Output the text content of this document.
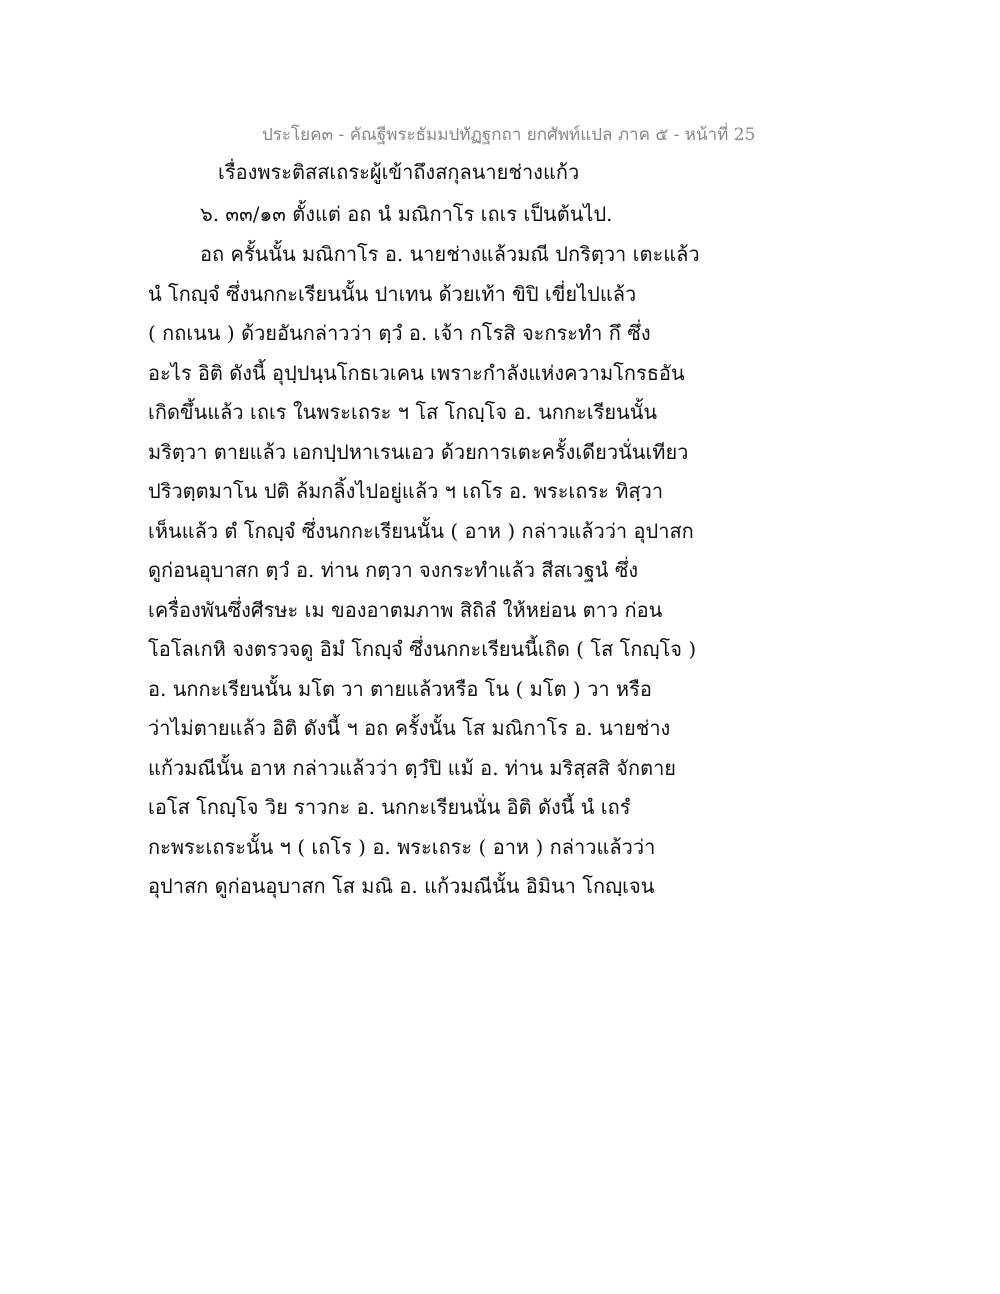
ประโยค๓ - คัณฐีพระธัมมปทัฏฐกถา ยกศัพท์แปล ภาค ๕ - หน้าที่ 25
เรื่องพระติสสเถระผู้เข้าถึงสกุลนายช่างแก้ว
๖. ๓๓/๑๓ ตั้งแต่ อถ นํ มณิกาโร เถเร เป็นต้นไป.
อถ ครั้นนั้น มณิกาโร อ. นายช่างแล้วมณี ปกริตฺวา เตะแล้ว
นํ โกญฺจํ ซึ่งนกกะเรียนนั้น ปาเทน ด้วยเท้า ขิปิ เขี่ยไปแล้ว
( กถเนน ) ด้วยอันกล่าวว่า ตฺวํ อ. เจ้า กโรสิ จะกระทำ กึ ซึ่ง
อะไร อิติ ดังนี้ อุปฺปนฺนโกธเวเคน เพราะกำลังแห่งความโกรธอัน
เกิดขึ้นแล้ว เถเร ในพระเถระ ฯ โส โกญฺโจ อ. นกกะเรียนนั้น
มริตฺวา ตายแล้ว เอกปฺปหาเรนเอว ด้วยการเตะครั้งเดียวนั่นเทียว
ปริวตฺตมาโน ปติ ล้มกลิ้งไปอยู่แล้ว ฯ เถโร อ. พระเถระ ทิสฺวา
เห็นแล้ว ตํ โกญฺจํ ซึ่งนกกะเรียนนั้น ( อาห ) กล่าวแล้วว่า อุปาสก
ดูก่อนอุบาสก ตฺวํ อ. ท่าน กตฺวา จงกระทำแล้ว สีสเวฐนํ ซึ่ง
เครื่องพันซึ่งศีรษะ เม ของอาตมภาพ สิถิลํ ให้หย่อน ตาว ก่อน
โอโลเกหิ จงตรวจดู อิมํ โกญฺจํ ซึ่งนกกะเรียนนี้เถิด ( โส โกญฺโจ )
อ. นกกะเรียนนั้น มโต วา ตายแล้วหรือ โน ( มโต ) วา หรือ
ว่าไม่ตายแล้ว อิติ ดังนี้ ฯ อถ ครั้งนั้น โส มณิกาโร อ. นายช่าง
แก้วมณีนั้น อาห กล่าวแล้วว่า ตฺวํปิ แม้ อ. ท่าน มริสฺสสิ จักตาย
เอโส โกญฺโจ วิย ราวกะ อ. นกกะเรียนนั่น อิติ ดังนี้ นํ เถรํ
กะพระเถระนั้น ฯ ( เถโร ) อ. พระเถระ ( อาห ) กล่าวแล้วว่า
อุปาสก ดูก่อนอุบาสก โส มณิ อ. แก้วมณีนั้น อิมินา โกญฺเจน
